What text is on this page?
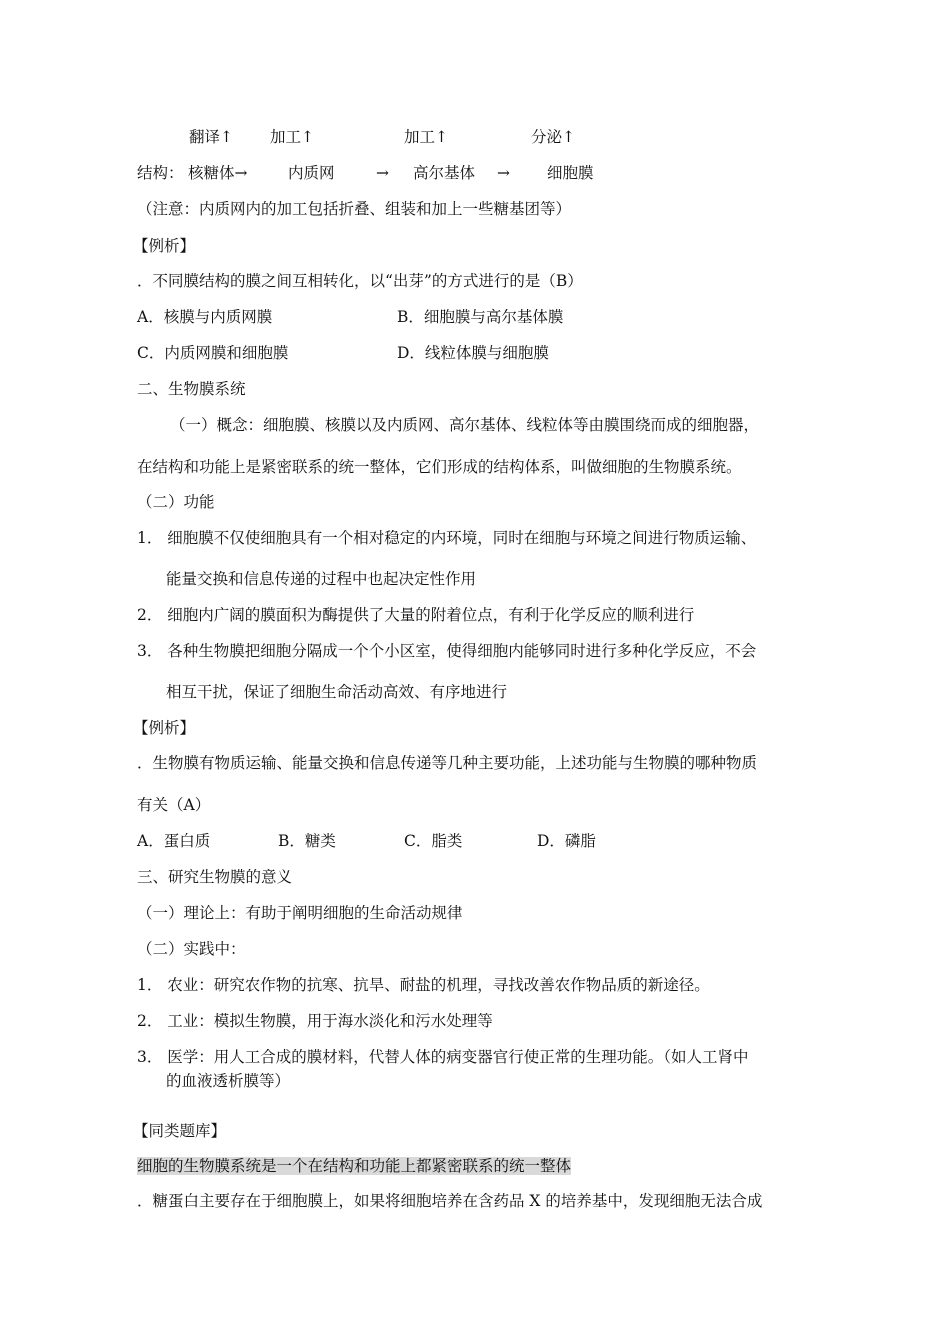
翻译↑ 加工↑	加工↑	分泌↑
结构： 核糖体→	内质网	→ 高尔基体 → 细胞膜
（注意：内质网内的加工包括折叠、组装和加上一些糖基团等）
【例析】
．不同膜结构的膜之间互相转化，以“出芽”的方式进行的是（B）
A．核膜与内质网膜	B．细胞膜与高尔基体膜
C．内质网膜和细胞膜	D．线粒体膜与细胞膜
二、生物膜系统
（一）概念：细胞膜、核膜以及内质网、高尔基体、线粒体等由膜围绕而成的细胞器，
在结构和功能上是紧密联系的统一整体，它们形成的结构体系，叫做细胞的生物膜系统。
（二）功能
1． 细胞膜不仅使细胞具有一个相对稳定的内环境，同时在细胞与环境之间进行物质运输、
能量交换和信息传递的过程中也起决定性作用
2． 细胞内广阔的膜面积为酶提供了大量的附着位点，有利于化学反应的顺利进行
3． 各种生物膜把细胞分隔成一个个小区室，使得细胞内能够同时进行多种化学反应，不会
相互干扰，保证了细胞生命活动高效、有序地进行
【例析】
．生物膜有物质运输、能量交换和信息传递等几种主要功能，上述功能与生物膜的哪种物质
有关（A）
A．蛋白质	B．糖类	C．脂类	D．磷脂
三、研究生物膜的意义
（一）理论上：有助于阐明细胞的生命活动规律
（二）实践中：
1． 农业：研究农作物的抗寒、抗旱、耐盐的机理，寻找改善农作物品质的新途径。
2． 工业：模拟生物膜，用于海水淡化和污水处理等
3． 医学：用人工合成的膜材料，代替人体的病变器官行使正常的生理功能。（如人工肾中
的血液透析膜等）
【同类题库】
细胞的生物膜系统是一个在结构和功能上都紧密联系的统一整体
．糖蛋白主要存在于细胞膜上，如果将细胞培养在含药品 X 的培养基中，发现细胞无法合成
